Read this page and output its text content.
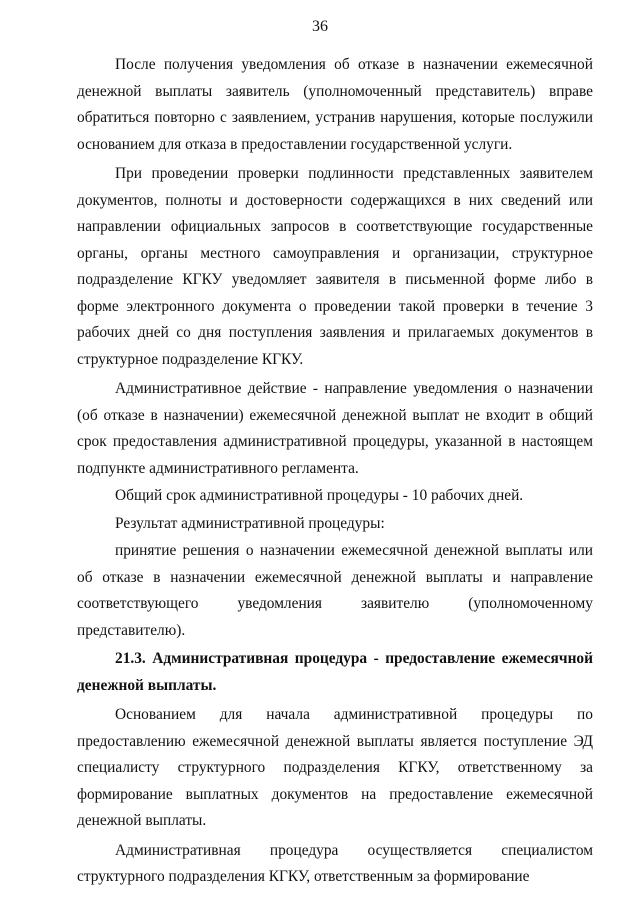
36

После получения уведомления об отказе в назначении ежемесячной денежной выплаты заявитель (уполномоченный представитель) вправе обратиться повторно с заявлением, устранив нарушения, которые послужили основанием для отказа в предоставлении государственной услуги.

При проведении проверки подлинности представленных заявителем документов, полноты и достоверности содержащихся в них сведений или направлении официальных запросов в соответствующие государственные органы, органы местного самоуправления и организации, структурное подразделение КГКУ уведомляет заявителя в письменной форме либо в форме электронного документа о проведении такой проверки в течение 3 рабочих дней со дня поступления заявления и прилагаемых документов в структурное подразделение КГКУ.

Административное действие - направление уведомления о назначении (об отказе в назначении) ежемесячной денежной выплат не входит в общий срок предоставления административной процедуры, указанной в настоящем подпункте административного регламента.

Общий срок административной процедуры - 10 рабочих дней.

Результат административной процедуры:

принятие решения о назначении ежемесячной денежной выплаты или об отказе в назначении ежемесячной денежной выплаты и направление соответствующего уведомления заявителю (уполномоченному представителю).

21.3. Административная процедура - предоставление ежемесячной денежной выплаты.

Основанием для начала административной процедуры по предоставлению ежемесячной денежной выплаты является поступление ЭД специалисту структурного подразделения КГКУ, ответственному за формирование выплатных документов на предоставление ежемесячной денежной выплаты.

Административная процедура осуществляется специалистом структурного подразделения КГКУ, ответственным за формирование
